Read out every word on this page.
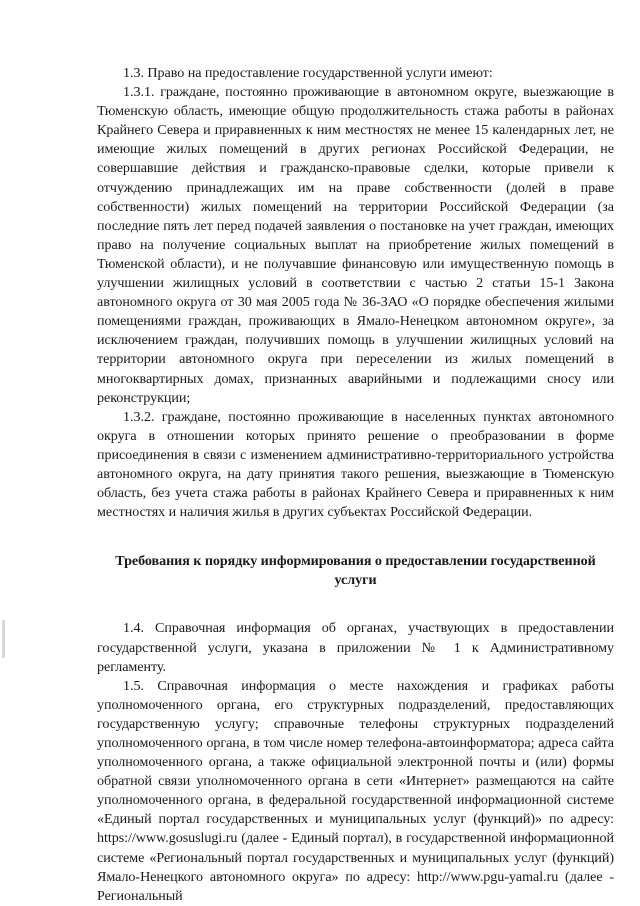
1.3. Право на предоставление государственной услуги имеют:

1.3.1. граждане, постоянно проживающие в автономном округе, выезжающие в Тюменскую область, имеющие общую продолжительность стажа работы в районах Крайнего Севера и приравненных к ним местностях не менее 15 календарных лет, не имеющие жилых помещений в других регионах Российской Федерации, не совершавшие действия и гражданско-правовые сделки, которые привели к отчуждению принадлежащих им на праве собственности (долей в праве собственности) жилых помещений на территории Российской Федерации (за последние пять лет перед подачей заявления о постановке на учет граждан, имеющих право на получение социальных выплат на приобретение жилых помещений в Тюменской области), и не получавшие финансовую или имущественную помощь в улучшении жилищных условий в соответствии с частью 2 статьи 15-1 Закона автономного округа от 30 мая 2005 года № 36-ЗАО «О порядке обеспечения жилыми помещениями граждан, проживающих в Ямало-Ненецком автономном округе», за исключением граждан, получивших помощь в улучшении жилищных условий на территории автономного округа при переселении из жилых помещений в многоквартирных домах, признанных аварийными и подлежащими сносу или реконструкции;

1.3.2. граждане, постоянно проживающие в населенных пунктах автономного округа в отношении которых принято решение о преобразовании в форме присоединения в связи с изменением административно-территориального устройства автономного округа, на дату принятия такого решения, выезжающие в Тюменскую область, без учета стажа работы в районах Крайнего Севера и приравненных к ним местностях и наличия жилья в других субъектах Российской Федерации.

Требования к порядку информирования о предоставлении государственной услуги

1.4. Справочная информация об органах, участвующих в предоставлении государственной услуги, указана в приложении № 1 к Административному регламенту.

1.5. Справочная информация о месте нахождения и графиках работы уполномоченного органа, его структурных подразделений, предоставляющих государственную услугу; справочные телефоны структурных подразделений уполномоченного органа, в том числе номер телефона-автоинформатора; адреса сайта уполномоченного органа, а также официальной электронной почты и (или) формы обратной связи уполномоченного органа в сети «Интернет» размещаются на сайте уполномоченного органа, в федеральной государственной информационной системе «Единый портал государственных и муниципальных услуг (функций)» по адресу: https://www.gosuslugi.ru (далее - Единый портал), в государственной информационной системе «Региональный портал государственных и муниципальных услуг (функций) Ямало-Ненецкого автономного округа» по адресу: http://www.pgu-yamal.ru (далее - Региональный
